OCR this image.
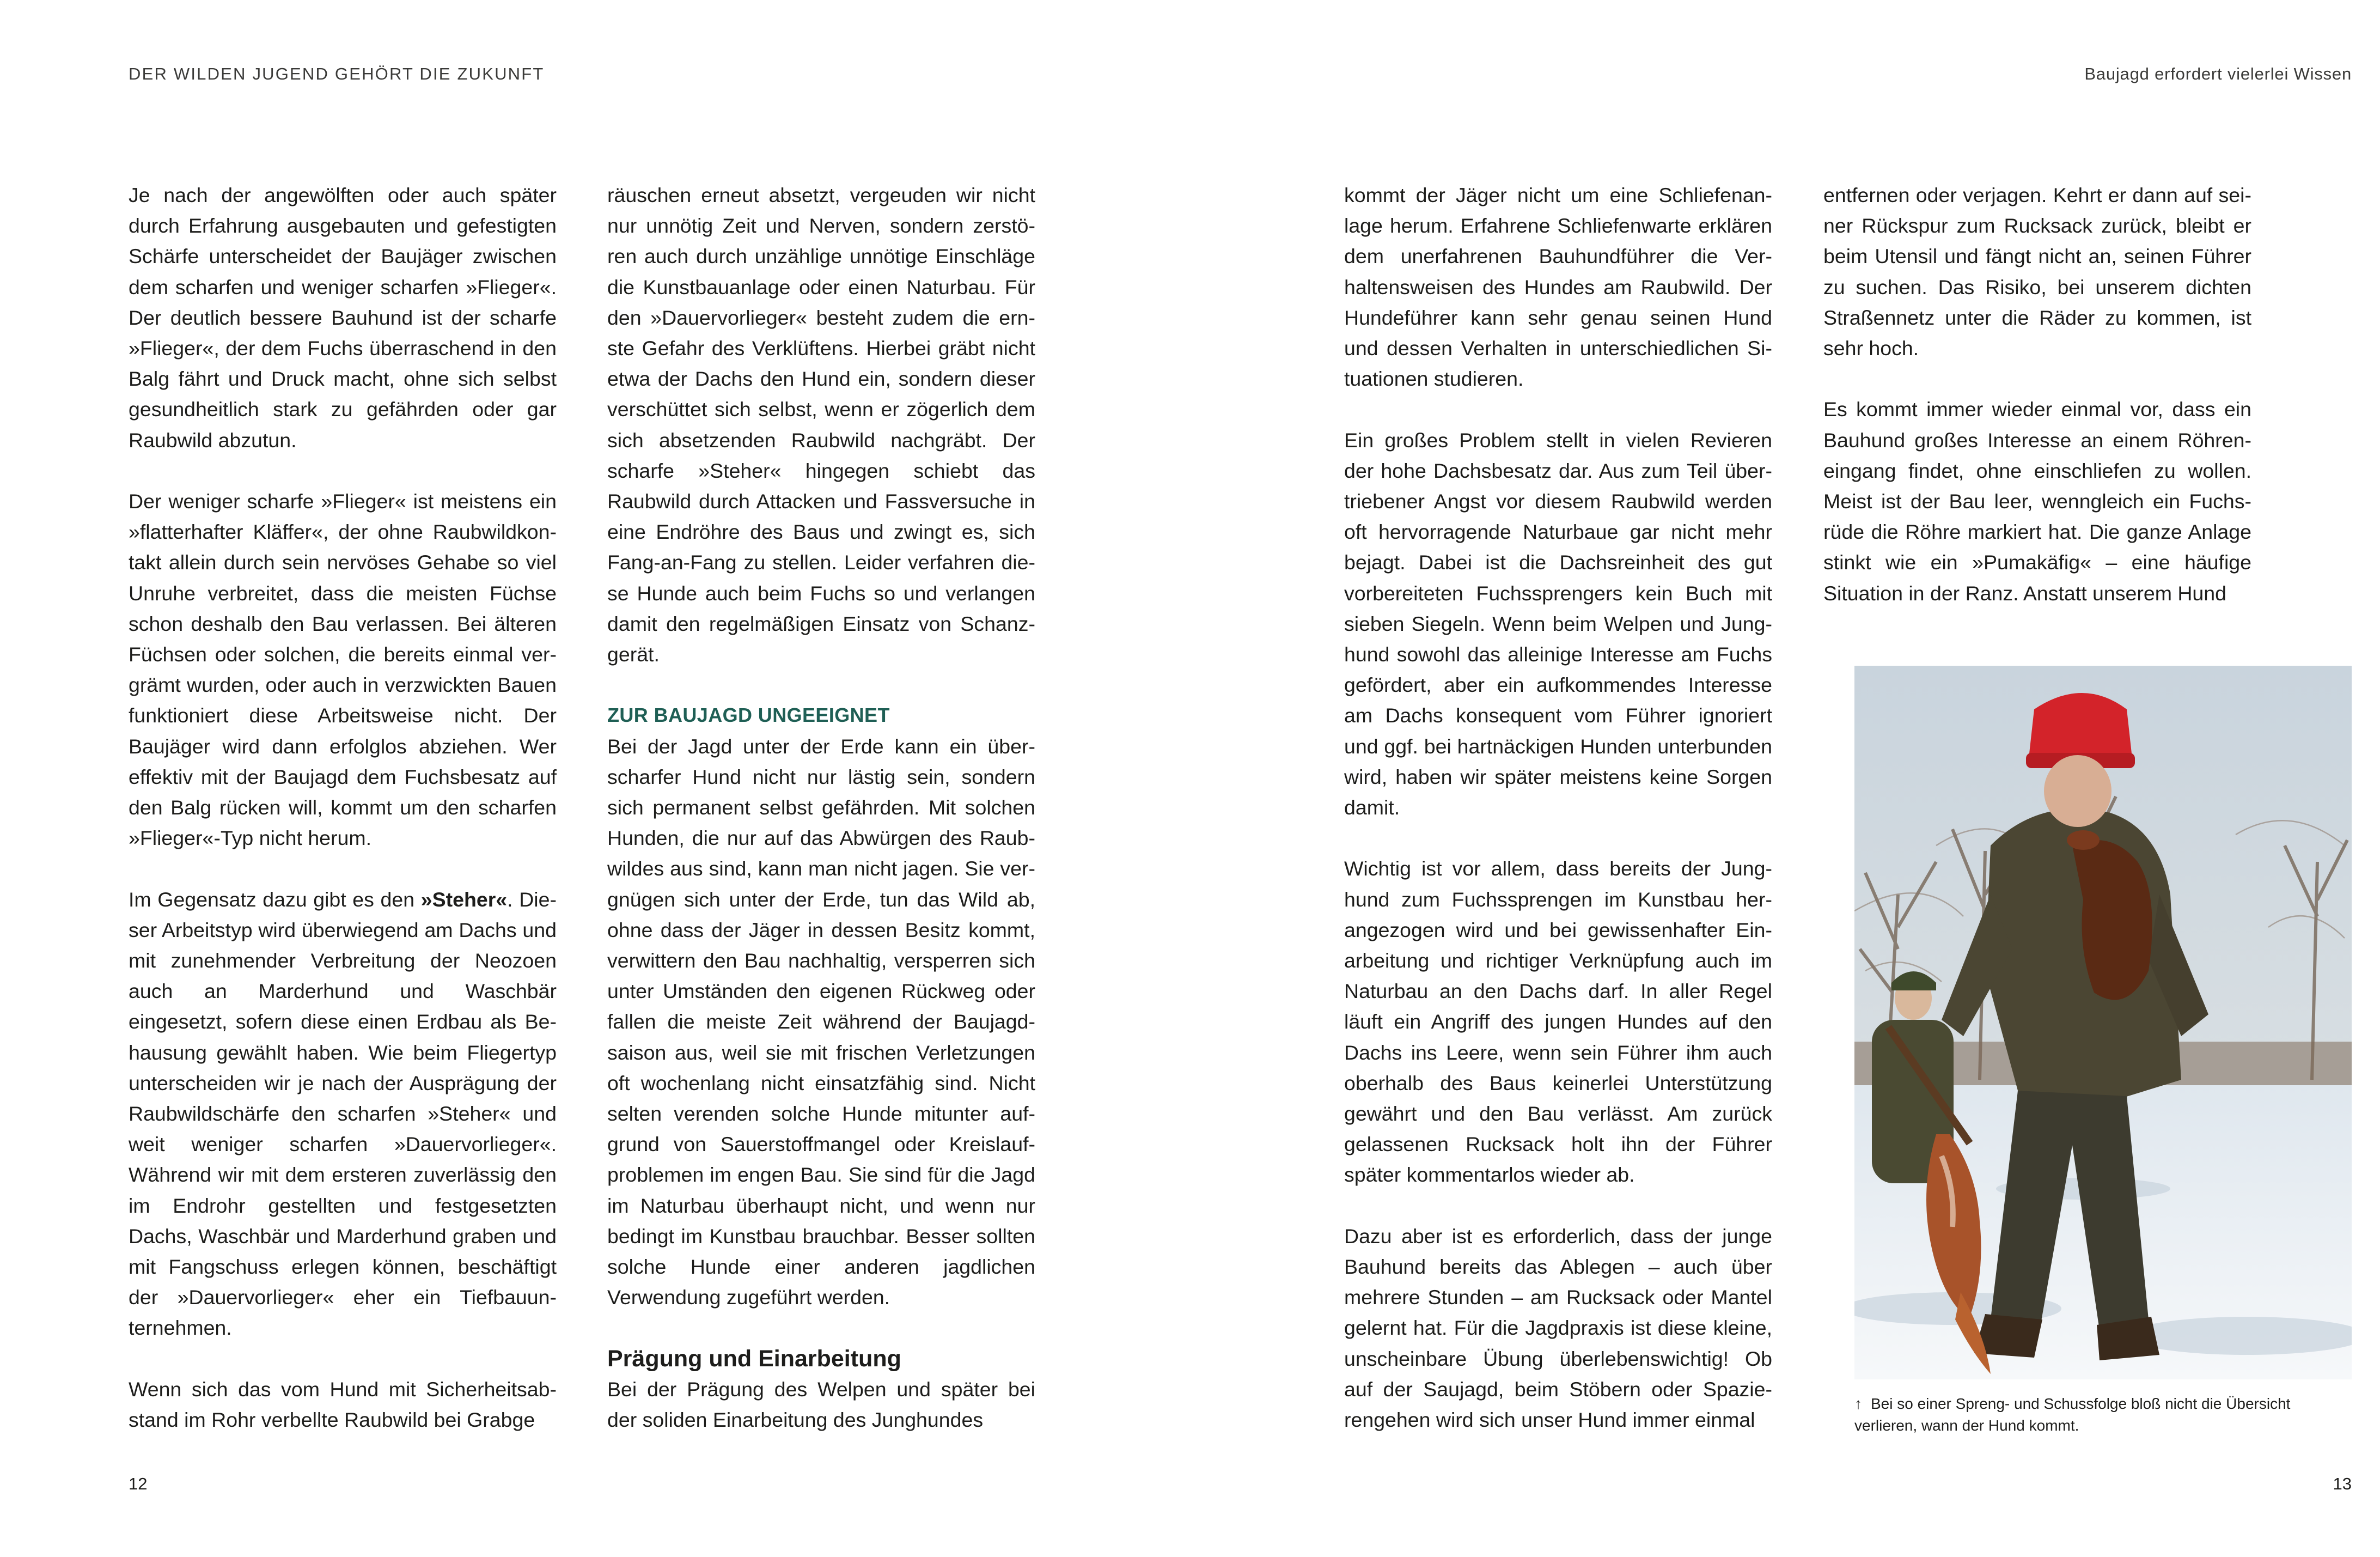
DER WILDEN JUGEND GEHÖRT DIE ZUKUNFT

Je nach der angewölften oder auch später durch Erfahrung ausgebauten und gefestigten Schärfe unterscheidet der Baujäger zwischen dem scharfen und weniger scharfen »Flieger«. Der deutlich bessere Bauhund ist der scharfe »Flieger«, der dem Fuchs überraschend in den Balg fährt und Druck macht, ohne sich selbst gesundheitlich stark zu gefährden oder gar Raubwild abzutun.

Der weniger scharfe »Flieger« ist meistens ein »flatterhafter Kläffer«, der ohne Raubwildkontakt allein durch sein nervöses Gehabe so viel Unruhe verbreitet, dass die meisten Füchse schon deshalb den Bau verlassen. Bei älteren Füchsen oder solchen, die bereits einmal vergrämt wurden, oder auch in verzwickten Bauen funktioniert diese Arbeitsweise nicht. Der Baujäger wird dann erfolglos abziehen. Wer effektiv mit der Baujagd dem Fuchsbesatz auf den Balg rücken will, kommt um den scharfen »Flieger«-Typ nicht herum.

Im Gegensatz dazu gibt es den »Steher«. Dieser Arbeitstyp wird überwiegend am Dachs und mit zunehmender Verbreitung der Neozoen auch an Marderhund und Waschbär eingesetzt, sofern diese einen Erdbau als Behausung gewählt haben. Wie beim Fliegertyp unterscheiden wir je nach der Ausprägung der Raubwildschärfe den scharfen »Steher« und weit weniger scharfen »Dauervorlieger«. Während wir mit dem ersteren zuverlässig den im Endrohr gestellten und festgesetzten Dachs, Waschbär und Marderhund graben und mit Fangschuss erlegen können, beschäftigt der »Dauervorlieger« eher ein Tiefbauunternehmen.

Wenn sich das vom Hund mit Sicherheitsabstand im Rohr verbellte Raubwild bei Grabge

räuschen erneut absetzt, vergeuden wir nicht nur unnötig Zeit und Nerven, sondern zerstören auch durch unzählige unnötige Einschläge die Kunstbauanlage oder einen Naturbau. Für den »Dauervorlieger« besteht zudem die ernste Gefahr des Verklüftens. Hierbei gräbt nicht etwa der Dachs den Hund ein, sondern dieser verschüttet sich selbst, wenn er zögerlich dem sich absetzenden Raubwild nachgräbt. Der scharfe »Steher« hingegen schiebt das Raubwild durch Attacken und Fassversuche in eine Endröhre des Baus und zwingt es, sich Fang-an-Fang zu stellen. Leider verfahren diese Hunde auch beim Fuchs so und verlangen damit den regelmäßigen Einsatz von Schanzgerät.

ZUR BAUJAGD UNGEEIGNET

Bei der Jagd unter der Erde kann ein überscharfer Hund nicht nur lästig sein, sondern sich permanent selbst gefährden. Mit solchen Hunden, die nur auf das Abwürgen des Raubwildes aus sind, kann man nicht jagen. Sie vergnügen sich unter der Erde, tun das Wild ab, ohne dass der Jäger in dessen Besitz kommt, verwittern den Bau nachhaltig, versperren sich unter Umständen den eigenen Rückweg oder fallen die meiste Zeit während der Baujagdsaison aus, weil sie mit frischen Verletzungen oft wochenlang nicht einsatzfähig sind. Nicht selten verenden solche Hunde mitunter aufgrund von Sauerstoffmangel oder Kreislaufproblemen im engen Bau. Sie sind für die Jagd im Naturbau überhaupt nicht, und wenn nur bedingt im Kunstbau brauchbar. Besser sollten solche Hunde einer anderen jagdlichen Verwendung zugeführt werden.

Prägung und Einarbeitung

Bei der Prägung des Welpen und später bei der soliden Einarbeitung des Junghundes

12
Baujagd erfordert vielerlei Wissen

kommt der Jäger nicht um eine Schliefenanlage herum. Erfahrene Schliefenwarte erklären dem unerfahrenen Bauhundführer die Verhaltensweisen des Hundes am Raubwild. Der Hundeführer kann sehr genau seinen Hund und dessen Verhalten in unterschiedlichen Situationen studieren.

Ein großes Problem stellt in vielen Revieren der hohe Dachsbesatz dar. Aus zum Teil übertriebener Angst vor diesem Raubwild werden oft hervorragende Naturbaue gar nicht mehr bejagt. Dabei ist die Dachsreinheit des gut vorbereiteten Fuchssprengers kein Buch mit sieben Siegeln. Wenn beim Welpen und Junghund sowohl das alleinige Interesse am Fuchs gefördert, aber ein aufkommendes Interesse am Dachs konsequent vom Führer ignoriert und ggf. bei hartnäckigen Hunden unterbunden wird, haben wir später meistens keine Sorgen damit.

Wichtig ist vor allem, dass bereits der Junghund zum Fuchssprengen im Kunstbau herangezogen wird und bei gewissenhafter Einarbeitung und richtiger Verknüpfung auch im Naturbau an den Dachs darf. In aller Regel läuft ein Angriff des jungen Hundes auf den Dachs ins Leere, wenn sein Führer ihm auch oberhalb des Baus keinerlei Unterstützung gewährt und den Bau verlässt. Am zurück gelassenen Rucksack holt ihn der Führer später kommentarlos wieder ab.

Dazu aber ist es erforderlich, dass der junge Bauhund bereits das Ablegen – auch über mehrere Stunden – am Rucksack oder Mantel gelernt hat. Für die Jagdpraxis ist diese kleine, unscheinbare Übung überlebenswichtig! Ob auf der Saujagd, beim Stöbern oder Spazierengehen wird sich unser Hund immer einmal

entfernen oder verjagen. Kehrt er dann auf seiner Rückspur zum Rucksack zurück, bleibt er beim Utensil und fängt nicht an, seinen Führer zu suchen. Das Risiko, bei unserem dichten Straßennetz unter die Räder zu kommen, ist sehr hoch.

Es kommt immer wieder einmal vor, dass ein Bauhund großes Interesse an einem Röhreneingang findet, ohne einschliefen zu wollen. Meist ist der Bau leer, wenngleich ein Fuchsrüde die Röhre markiert hat. Die ganze Anlage stinkt wie ein »Pumakäfig« – eine häufige Situation in der Ranz. Anstatt unserem Hund

↑ Bei so einer Spreng- und Schussfolge bloß nicht die Übersicht verlieren, wann der Hund kommt.
13
